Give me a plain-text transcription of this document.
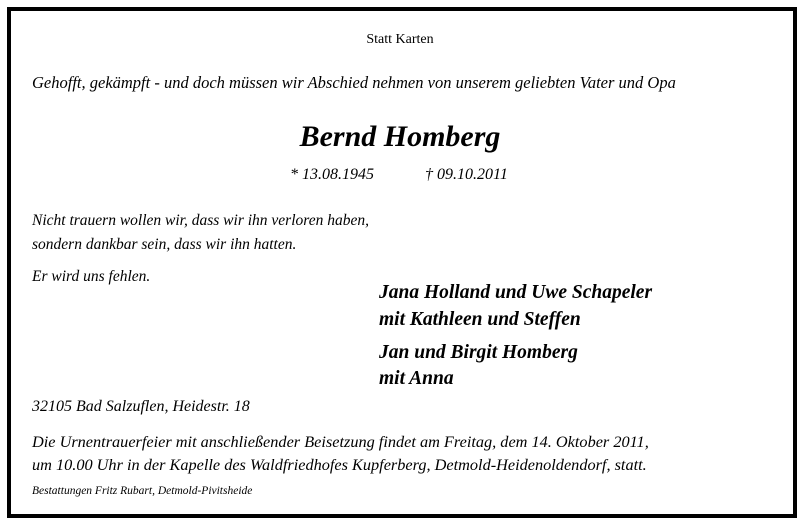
Statt Karten
Gehofft, gekämpft - und doch müssen wir Abschied nehmen von unserem geliebten Vater und Opa
Bernd Homberg
* 13.08.1945	† 09.10.2011
Nicht trauern wollen wir, dass wir ihn verloren haben,
sondern dankbar sein, dass wir ihn hatten.
Er wird uns fehlen.
Jana Holland und Uwe Schapeler
mit Kathleen und Steffen
Jan und Birgit Homberg
mit Anna
32105 Bad Salzuflen, Heidestr. 18
Die Urnentrauerfeier mit anschließender Beisetzung findet am Freitag, dem 14. Oktober 2011,
um 10.00 Uhr in der Kapelle des Waldfriedhofes Kupferberg, Detmold-Heidenoldendorf, statt.
Bestattungen Fritz Rubart, Detmold-Pivitsheide
